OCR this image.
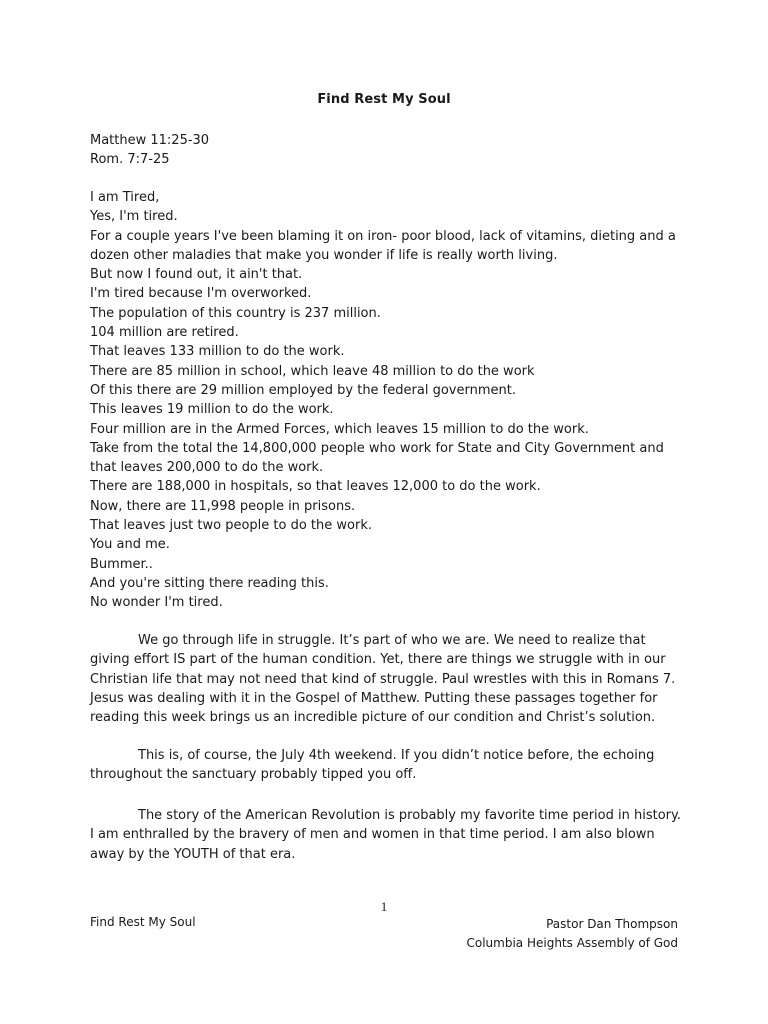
Find Rest My Soul
Matthew 11:25-30
Rom. 7:7-25
I am Tired,
Yes, I'm tired.
For a couple years I've been blaming it on iron- poor blood, lack of vitamins, dieting and a
dozen other maladies that make you wonder if life is really worth living.
But now I found out, it ain't that.
I'm tired because I'm overworked.
The population of this country is 237 million.
104 million are retired.
That leaves 133 million to do the work.
There are 85 million in school, which leave 48 million to do the work
Of this there are 29 million employed by the federal government.
This leaves 19 million to do the work.
Four million are in the Armed Forces, which leaves 15 million to do the work.
Take from the total the 14,800,000 people who work for State and City Government and
that leaves 200,000 to do the work.
There are 188,000 in hospitals, so that leaves 12,000 to do the work.
Now, there are 11,998 people in prisons.
That leaves just two people to do the work.
You and me.
Bummer..
And you're sitting there reading this.
No wonder I'm tired.

We go through life in struggle. It’s part of who we are. We need to realize that giving effort IS part of the human condition. Yet, there are things we struggle with in our Christian life that may not need that kind of struggle. Paul wrestles with this in Romans 7. Jesus was dealing with it in the Gospel of Matthew. Putting these passages together for reading this week brings us an incredible picture of our condition and Christ’s solution.

This is, of course, the July 4th weekend. If you didn’t notice before, the echoing throughout the sanctuary probably tipped you off.

The story of the American Revolution is probably my favorite time period in history. I am enthralled by the bravery of men and women in that time period. I am also blown away by the YOUTH of that era.

1
Find Rest My Soul	Pastor Dan Thompson
Columbia Heights Assembly of God
